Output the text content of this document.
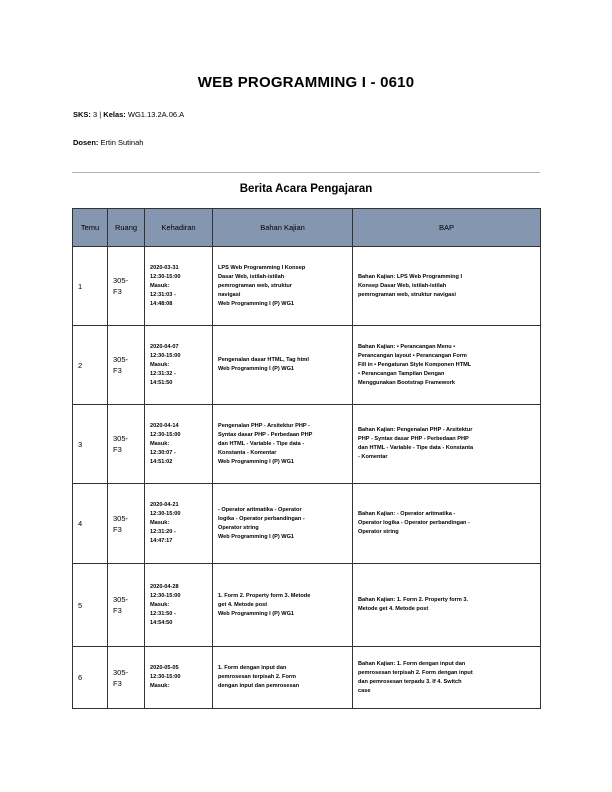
WEB PROGRAMMING I - 0610
SKS: 3 | Kelas: WG1.13.2A.06.A
Dosen: Ertin Sutinah
Berita Acara Pengajaran
Temu	Ruang	Kehadiran	Bahan Kajian	BAP
1	305-
F3	2020-03-31
12:30-15:00
Masuk:
12:31:03 -
14:48:08	LPS Web Programming I Konsep
Dasar Web, istilah-istilah
pemrograman web, struktur
navigasi
Web Programming I (P) WG1	Bahan Kajian: LPS Web Programming I
Konsep Dasar Web, istilah-istilah
pemrograman web, struktur navigasi

2	305-
F3	2020-04-07
12:30-15:00
Masuk:
12:31:32 -
14:51:50	Pengenalan dasar HTML, Tag html
Web Programming I (P) WG1	Bahan Kajian: • Perancangan Menu •
Perancangan layout • Perancangan Form
Fill in • Pengaturan Style Komponen HTML
• Perancangan Tampilan Dengan
Menggunakan Bootstrap Framework

3	305-
F3	2020-04-14
12:30-15:00
Masuk:
12:30:07 -
14:51:02	Pengenalan PHP - Arsitektur PHP -
Syntax dasar PHP - Perbedaan PHP
dan HTML - Variable - Tipe data -
Konstanta - Komentar
Web Programming I (P) WG1	Bahan Kajian: Pengenalan PHP - Arsitektur
PHP - Syntax dasar PHP - Perbedaan PHP
dan HTML - Variable - Tipe data - Konstanta
- Komentar

4	305-
F3	2020-04-21
12:30-15:00
Masuk:
12:31:20 -
14:47:17	- Operator aritmatika - Operator
logika - Operator perbandingan -
Operator string
Web Programming I (P) WG1	Bahan Kajian: - Operator aritmatika -
Operator logika - Operator perbandingan -
Operator string

5	305-
F3	2020-04-28
12:30-15:00
Masuk:
12:31:50 -
14:54:50	1. Form 2. Property form 3. Metode
get 4. Metode post
Web Programming I (P) WG1	Bahan Kajian: 1. Form 2. Property form 3.
Metode get 4. Metode post

6	305-
F3	2020-05-05
12:30-15:00
Masuk:	1. Form dengan input dan
pemrosesan terpisah 2. Form
dengan input dan pemrosesan	Bahan Kajian: 1. Form dengan input dan
pemrosesan terpisah 2. Form dengan input
dan pemrosesan terpadu 3. If 4. Switch
case
